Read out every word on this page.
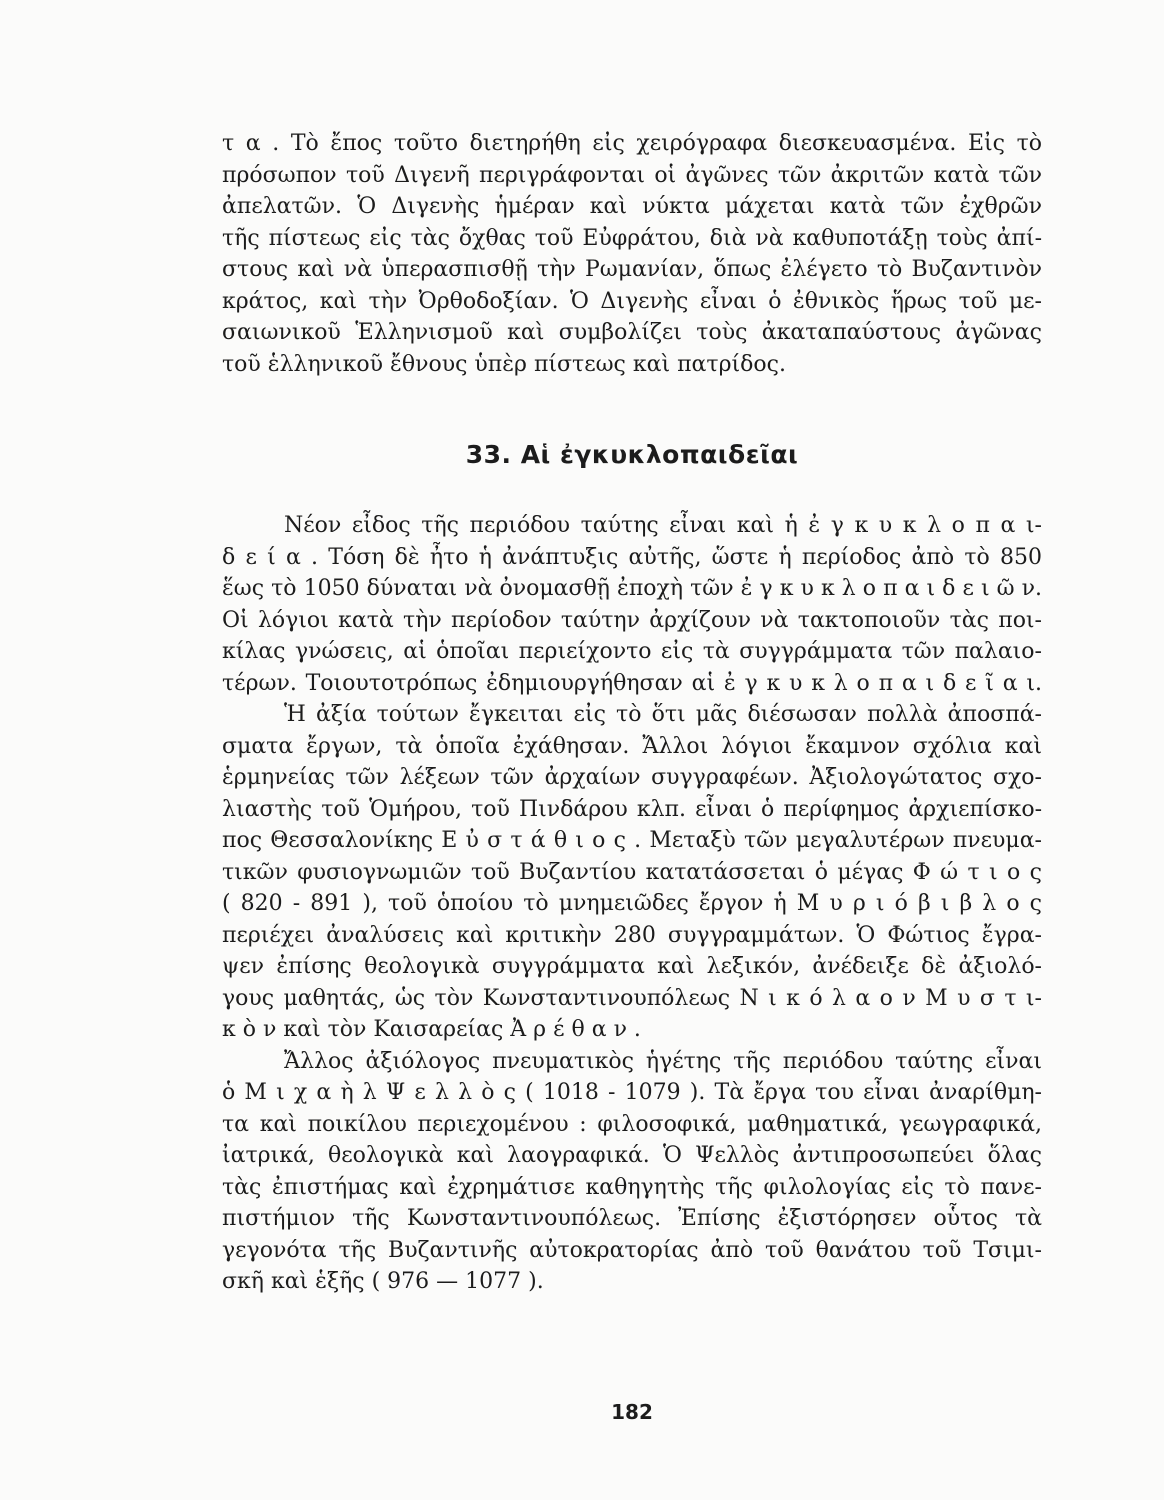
τ α . Τὸ ἔπος τοῦτο διετηρήθη εἰς χειρόγραφα διεσκευασμένα. Εἰς τὸ
πρόσωπον τοῦ Διγενῆ περιγράφονται οἱ ἀγῶνες τῶν ἀκριτῶν κατὰ τῶν
ἀπελατῶν. Ὁ Διγενὴς ἡμέραν καὶ νύκτα μάχεται κατὰ τῶν ἐχθρῶν
τῆς πίστεως εἰς τὰς ὄχθας τοῦ Εὐφράτου, διὰ νὰ καθυποτάξῃ τοὺς ἀπί-
στους καὶ νὰ ὑπερασπισθῇ τὴν Ρωμανίαν, ὅπως ἐλέγετο τὸ Βυζαντινὸν
κράτος, καὶ τὴν Ὀρθοδοξίαν. Ὁ Διγενὴς εἶναι ὁ ἐθνικὸς ἥρως τοῦ με-
σαιωνικοῦ Ἑλληνισμοῦ καὶ συμβολίζει τοὺς ἀκαταπαύστους ἀγῶνας
τοῦ ἑλληνικοῦ ἔθνους ὑπὲρ πίστεως καὶ πατρίδος.
33. Αἱ ἐγκυκλοπαιδεῖαι
Νέον εἶδος τῆς περιόδου ταύτης εἶναι καὶ ἡ ἐ γ κ υ κ λ ο π α ι-
δ ε ί α . Τόση δὲ ἦτο ἡ ἀνάπτυξις αὐτῆς, ὥστε ἡ περίοδος ἀπὸ τὸ 850
ἕως τὸ 1050 δύναται νὰ ὀνομασθῇ ἐποχὴ τῶν ἐ γ κ υ κ λ ο π α ι δ ε ι ῶ ν.
Οἱ λόγιοι κατὰ τὴν περίοδον ταύτην ἀρχίζουν νὰ τακτοποιοῦν τὰς ποι-
κίλας γνώσεις, αἱ ὁποῖαι περιείχοντο εἰς τὰ συγγράμματα τῶν παλαιο-
τέρων. Τοιουτοτρόπως ἐδημιουργήθησαν αἱ ἐ γ κ υ κ λ ο π α ι δ ε ῖ α ι.
Ἡ ἀξία τούτων ἔγκειται εἰς τὸ ὅτι μᾶς διέσωσαν πολλὰ ἀποσπά-
σματα ἔργων, τὰ ὁποῖα ἐχάθησαν. Ἄλλοι λόγιοι ἔκαμνον σχόλια καὶ
ἑρμηνείας τῶν λέξεων τῶν ἀρχαίων συγγραφέων. Ἀξιολογώτατος σχο-
λιαστὴς τοῦ Ὁμήρου, τοῦ Πινδάρου κλπ. εἶναι ὁ περίφημος ἀρχιεπίσκο-
πος Θεσσαλονίκης Ε ὐ σ τ ά θ ι ο ς . Μεταξὺ τῶν μεγαλυτέρων πνευμα-
τικῶν φυσιογνωμιῶν τοῦ Βυζαντίου κατατάσσεται ὁ μέγας Φ ώ τ ι ο ς
( 820 - 891 ), τοῦ ὁποίου τὸ μνημειῶδες ἔργον ἡ Μ υ ρ ι ό β ι β λ ο ς
περιέχει ἀναλύσεις καὶ κριτικὴν 280 συγγραμμάτων. Ὁ Φώτιος ἔγρα-
ψεν ἐπίσης θεολογικὰ συγγράμματα καὶ λεξικόν, ἀνέδειξε δὲ ἀξιολό-
γους μαθητάς, ὡς τὸν Κωνσταντινουπόλεως Ν ι κ ό λ α ο ν Μ υ σ τ ι-
κ ὸ ν καὶ τὸν Καισαρείας Ἀ ρ έ θ α ν .
Ἄλλος ἀξιόλογος πνευματικὸς ἡγέτης τῆς περιόδου ταύτης εἶναι
ὁ Μ ι χ α ὴ λ Ψ ε λ λ ὸ ς ( 1018 - 1079 ). Τὰ ἔργα του εἶναι ἀναρίθμη-
τα καὶ ποικίλου περιεχομένου : φιλοσοφικά, μαθηματικά, γεωγραφικά,
ἰατρικά, θεολογικὰ καὶ λαογραφικά. Ὁ Ψελλὸς ἀντιπροσωπεύει ὅλας
τὰς ἐπιστήμας καὶ ἐχρημάτισε καθηγητὴς τῆς φιλολογίας εἰς τὸ πανε-
πιστήμιον τῆς Κωνσταντινουπόλεως. Ἐπίσης ἐξιστόρησεν οὗτος τὰ
γεγονότα τῆς Βυζαντινῆς αὐτοκρατορίας ἀπὸ τοῦ θανάτου τοῦ Τσιμι-
σκῆ καὶ ἑξῆς ( 976 — 1077 ).
182
